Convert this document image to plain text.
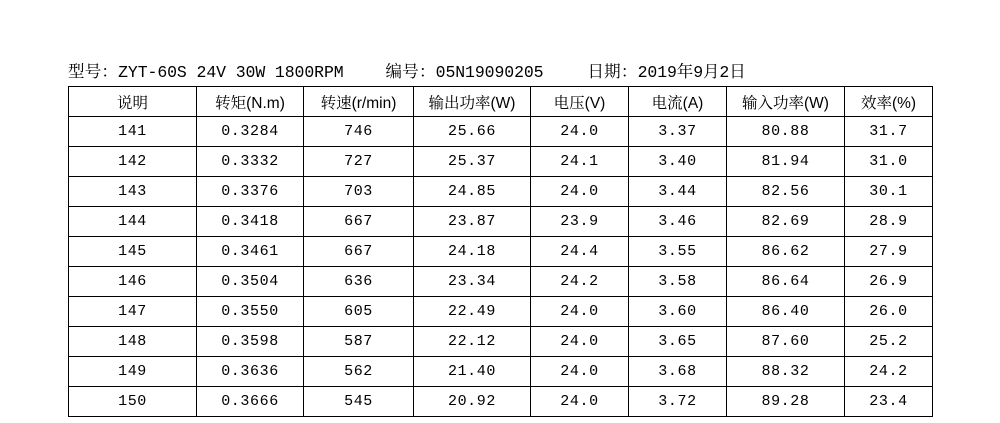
型号：ZYT-60S 24V 30W 1800RPM	编号：05N19090205	日期：2019年9月2日
说明	转矩(N.m)	转速(r/min)	输出功率(W)	电压(V)	电流(A)	输入功率(W)	效率(%)
141	0.3284	746	25.66	24.0	3.37	80.88	31.7
142	0.3332	727	25.37	24.1	3.40	81.94	31.0
143	0.3376	703	24.85	24.0	3.44	82.56	30.1
144	0.3418	667	23.87	23.9	3.46	82.69	28.9
145	0.3461	667	24.18	24.4	3.55	86.62	27.9
146	0.3504	636	23.34	24.2	3.58	86.64	26.9
147	0.3550	605	22.49	24.0	3.60	86.40	26.0
148	0.3598	587	22.12	24.0	3.65	87.60	25.2
149	0.3636	562	21.40	24.0	3.68	88.32	24.2
150	0.3666	545	20.92	24.0	3.72	89.28	23.4
